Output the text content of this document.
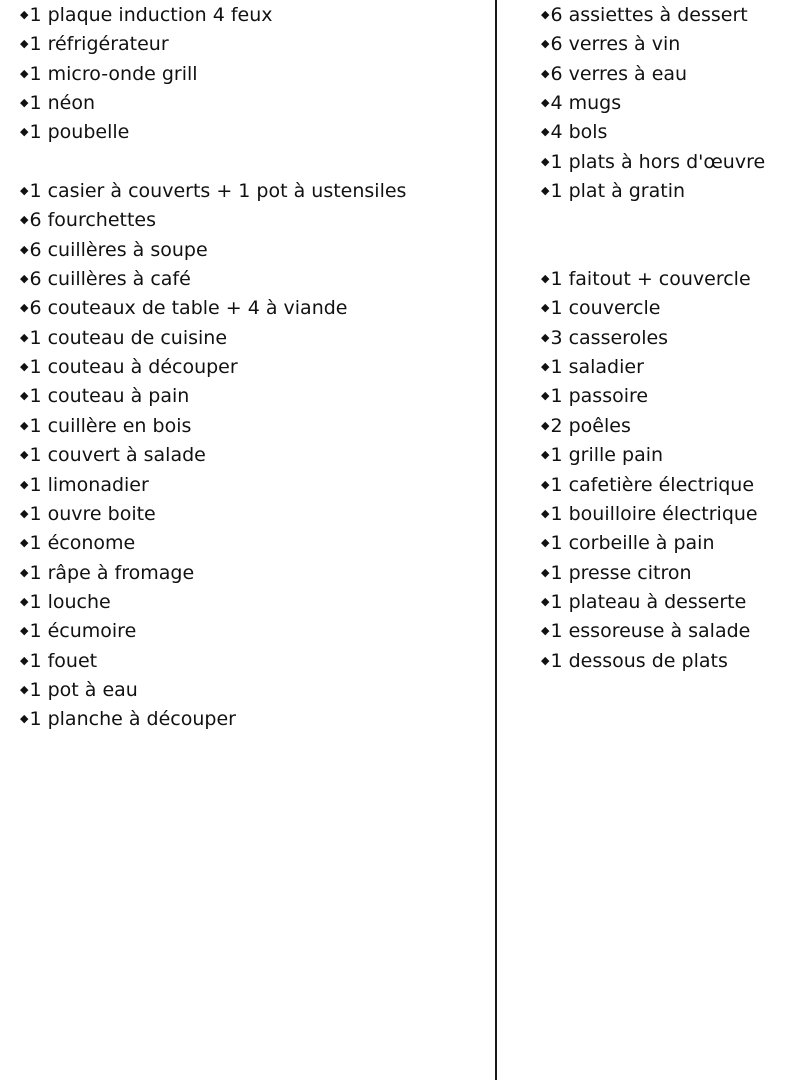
◆1 plaque induction 4 feux
◆1 réfrigérateur
◆1 micro-onde grill
◆1 néon
◆1 poubelle
◆1 casier à couverts + 1 pot à ustensiles
◆6 fourchettes
◆6 cuillères à soupe
◆6 cuillères à café
◆6 couteaux de table + 4 à viande
◆1 couteau de cuisine
◆1 couteau à découper
◆1 couteau à pain
◆1 cuillère en bois
◆1 couvert à salade
◆1 limonadier
◆1 ouvre boite
◆1 économe
◆1 râpe à fromage
◆1 louche
◆1 écumoire
◆1 fouet
◆1 pot à eau
◆1 planche à découper
◆6 assiettes à dessert
◆6 verres à vin
◆6 verres à eau
◆4 mugs
◆4 bols
◆1 plats à hors d'œuvre
◆1 plat à gratin
◆1 faitout + couvercle
◆1 couvercle
◆3 casseroles
◆1 saladier
◆1 passoire
◆2 poêles
◆1 grille pain
◆1 cafetière électrique
◆1 bouilloire électrique
◆1 corbeille à pain
◆1 presse citron
◆1 plateau à desserte
◆1 essoreuse à salade
◆1 dessous de plats
